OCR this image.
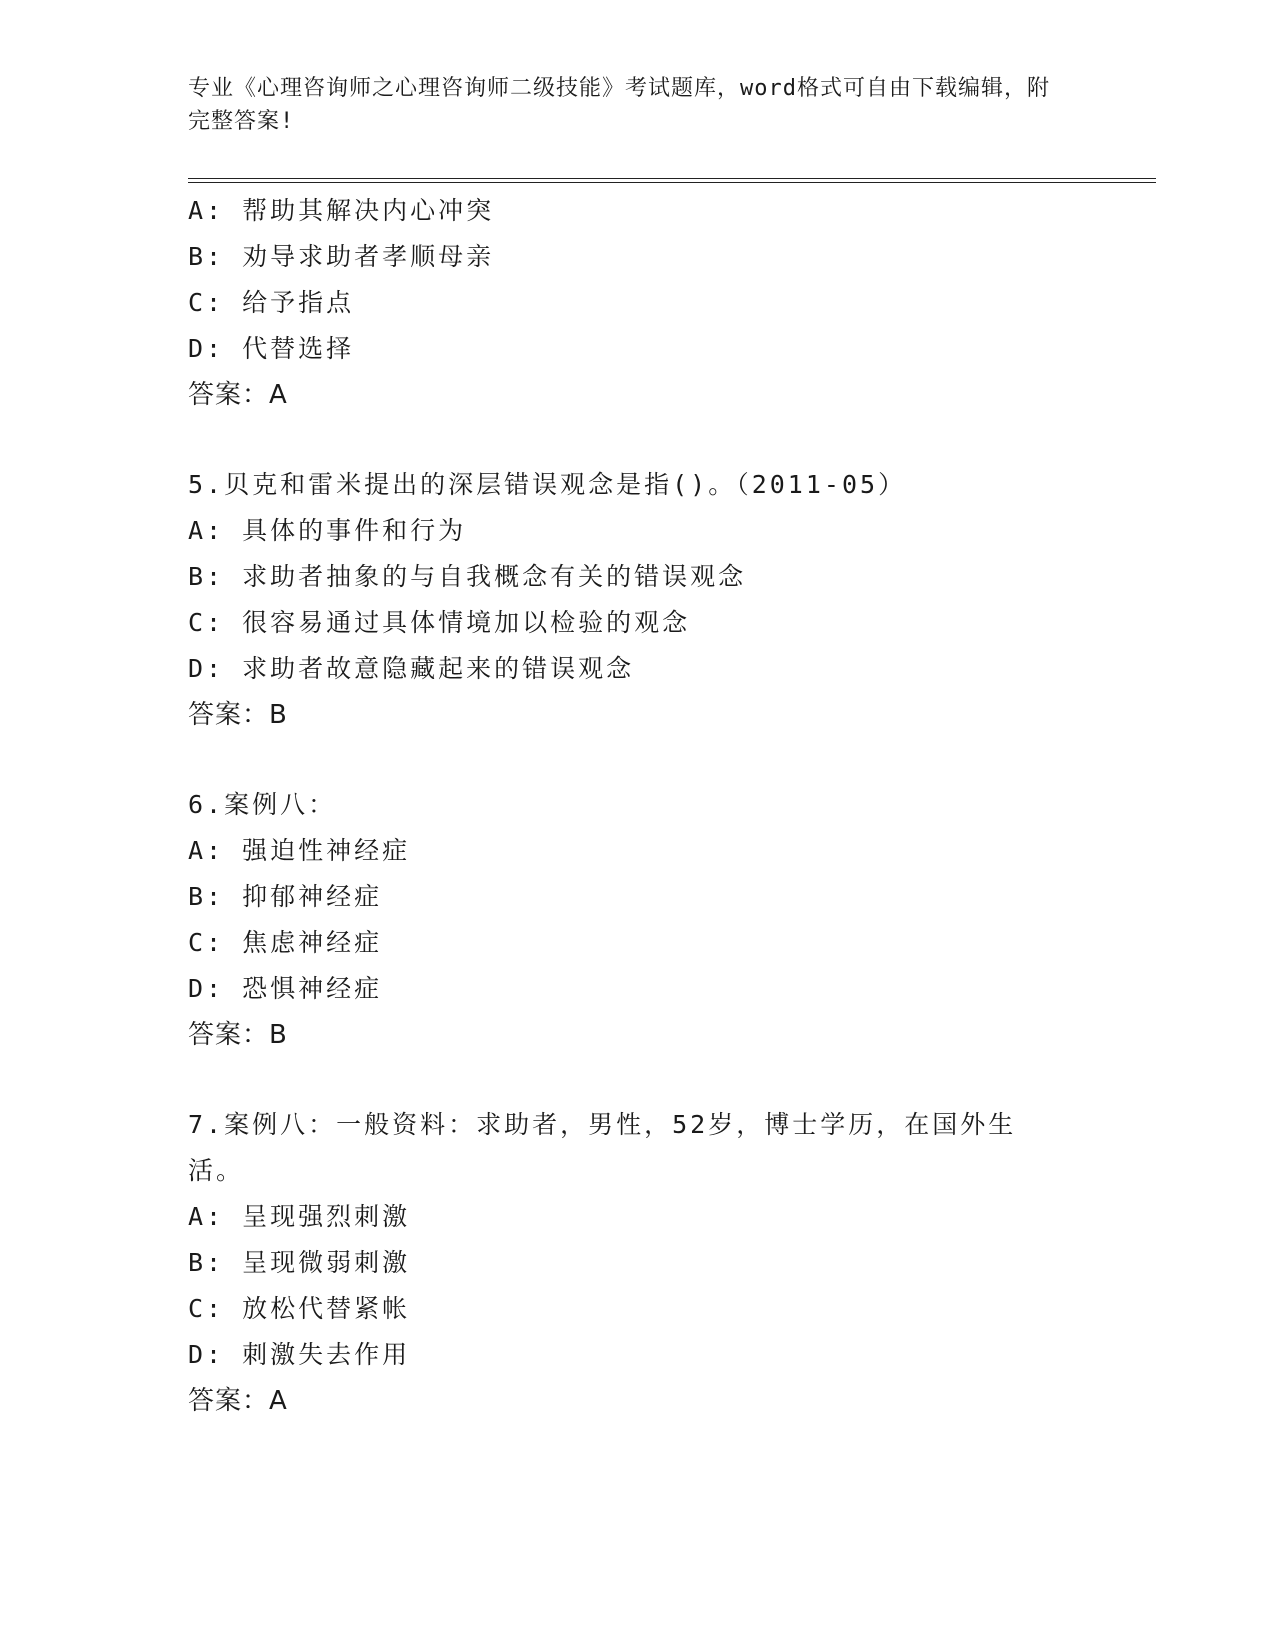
专业《心理咨询师之心理咨询师二级技能》考试题库，word格式可自由下载编辑，附完整答案!
A: 帮助其解决内心冲突
B: 劝导求助者孝顺母亲
C: 给予指点
D: 代替选择
答案：A
5.贝克和雷米提出的深层错误观念是指()。（2011-05）
A: 具体的事件和行为
B: 求助者抽象的与自我概念有关的错误观念
C: 很容易通过具体情境加以检验的观念
D: 求助者故意隐藏起来的错误观念
答案：B
6.案例八：
A: 强迫性神经症
B: 抑郁神经症
C: 焦虑神经症
D: 恐惧神经症
答案：B
7.案例八：一般资料：求助者，男性，52岁，博士学历，在国外生活。
A: 呈现强烈刺激
B: 呈现微弱刺激
C: 放松代替紧帐
D: 刺激失去作用
答案：A
